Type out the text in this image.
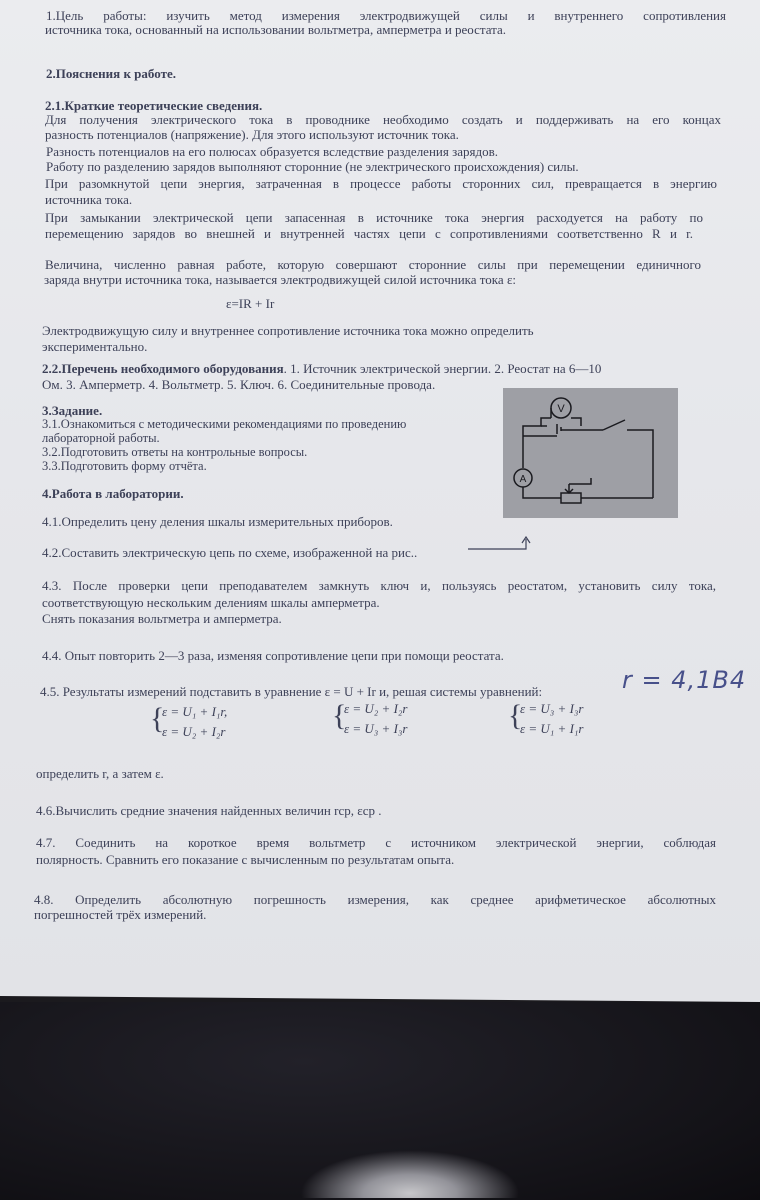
1.Цель работы: изучить метод измерения электродвижущей силы и внутреннего сопротивления
источника тока, основанный на использовании вольтметра, амперметра и реостата.
2.Пояснения к работе.
2.1.Краткие теоретические сведения.
Для получения электрического тока в проводнике необходимо создать и поддерживать на его концах
разность потенциалов (напряжение). Для этого используют источник тока.
Разность потенциалов на его полюсах образуется вследствие разделения зарядов.
Работу по разделению зарядов выполняют сторонние (не электрического происхождения) силы.
При разомкнутой цепи энергия, затраченная в процессе работы сторонних сил, превращается в энергию
источника тока.
При замыкании электрической цепи запасенная в источнике тока энергия расходуется на работу по
перемещению зарядов во внешней и внутренней частях цепи с сопротивлениями соответственно R и r.
Величина, численно равная работе, которую совершают сторонние силы при перемещении единичного
заряда внутри источника тока, называется электродвижущей силой источника тока ε:
ε=IR + Ir
Электродвижущую силу и внутреннее сопротивление источника тока можно определить
экспериментально.
2.2.Перечень необходимого оборудования. 1. Источник электрической энергии. 2. Реостат на 6—10
Ом. 3. Амперметр. 4. Вольтметр. 5. Ключ. 6. Соединительные провода.
3.Задание.
3.1.Ознакомиться с методическими рекомендациями по проведению
лабораторной работы.
3.2.Подготовить ответы на контрольные вопросы.
3.3.Подготовить форму отчёта.
V
A
4.Работа в лаборатории.
4.1.Определить цену деления шкалы измерительных приборов.
4.2.Составить электрическую цепь по схеме, изображенной на рис..
4.3. После проверки цепи преподавателем замкнуть ключ и, пользуясь реостатом, установить силу тока,
соответствующую нескольким делениям шкалы амперметра.
Снять показания вольтметра и амперметра.
4.4. Опыт повторить 2—3 раза, изменяя сопротивление цепи при помощи реостата.
4.5. Результаты измерений подставить в уравнение ε = U + Ir и, решая системы уравнений:	r = 4,1В4
{
ε = U₁ + I₁r,
ε = U₂ + I₂r	{
ε = U₂ + I₂r
ε = U₃ + I₃r	{
ε = U₃ + I₃r
ε = U₁ + I₁r
определить r, а затем ε.
4.6.Вычислить средние значения найденных величин rср, εср .
4.7. Соединить на короткое время вольтметр с источником электрической энергии, соблюдая
полярность. Сравнить его показание с вычисленным по результатам опыта.
4.8. Определить абсолютную погрешность измерения, как среднее арифметическое абсолютных
погрешностей трёх измерений.
